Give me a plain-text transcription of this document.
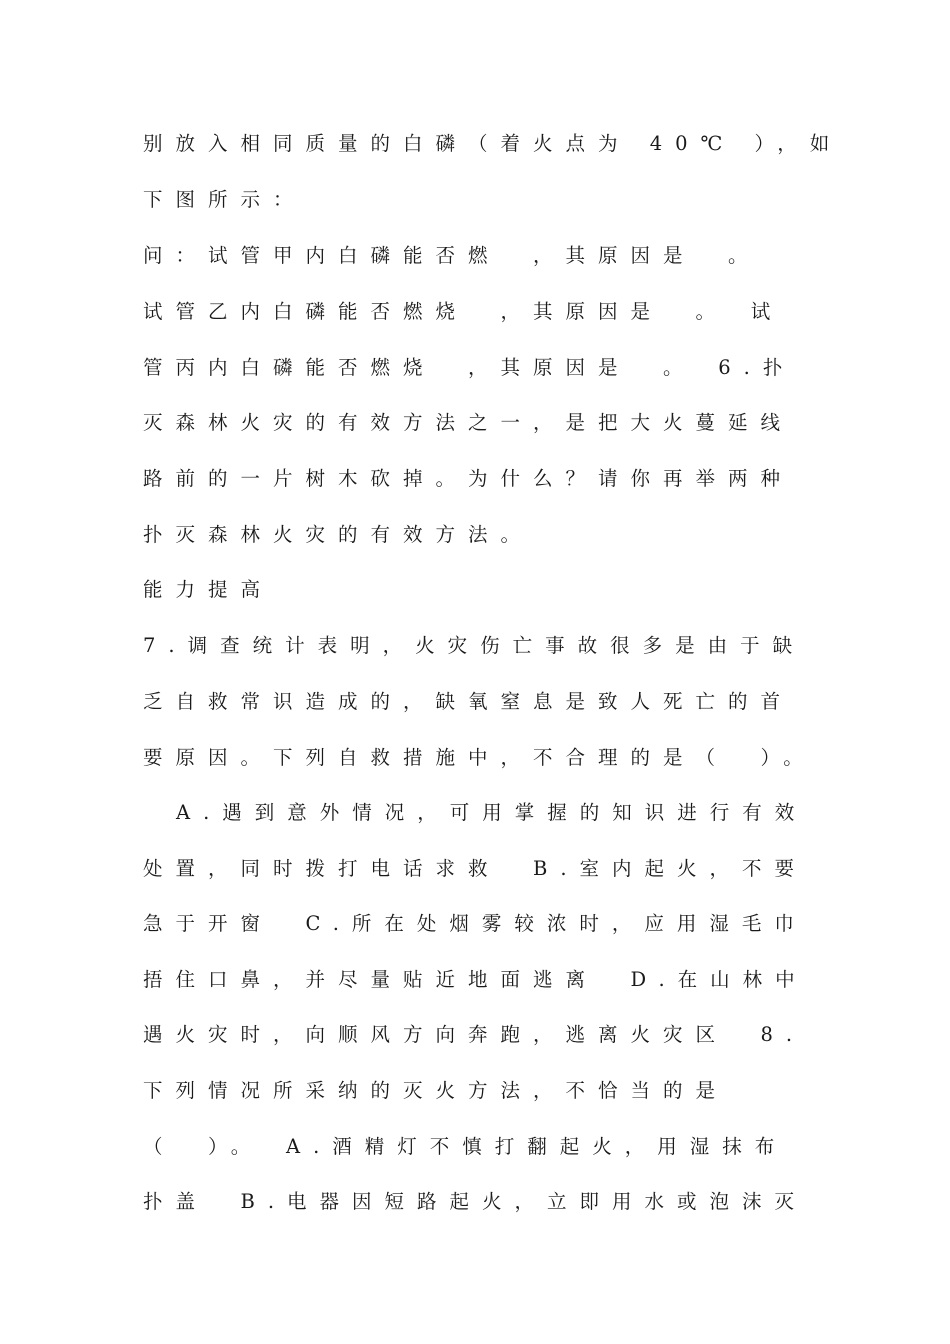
别放入相同质量的白磷（着火点为 40℃ ），如
下图所示：
问：试管甲内白磷能否燃　，其原因是　。
试管乙内白磷能否燃烧　，其原因是　。　试
管丙内白磷能否燃烧　，其原因是　。　6.扑
灭森林火灾的有效方法之一，是把大火蔓延线
路前的一片树木砍掉。为什么？请你再举两种
扑灭森林火灾的有效方法。
能力提高
7.调查统计表明，火灾伤亡事故很多是由于缺
乏自救常识造成的，缺氧窒息是致人死亡的首
要原因。下列自救措施中，不合理的是（　）。
A.遇到意外情况，可用掌握的知识进行有效
处置，同时拨打电话求救　B.室内起火，不要
急于开窗　C.所在处烟雾较浓时，应用湿毛巾
捂住口鼻，并尽量贴近地面逃离　D.在山林中
遇火灾时，向顺风方向奔跑，逃离火灾区　8.
下列情况所采纳的灭火方法，不恰当的是
（　）。　A.酒精灯不慎打翻起火，用湿抹布
扑盖　B.电器因短路起火，立即用水或泡沫灭
